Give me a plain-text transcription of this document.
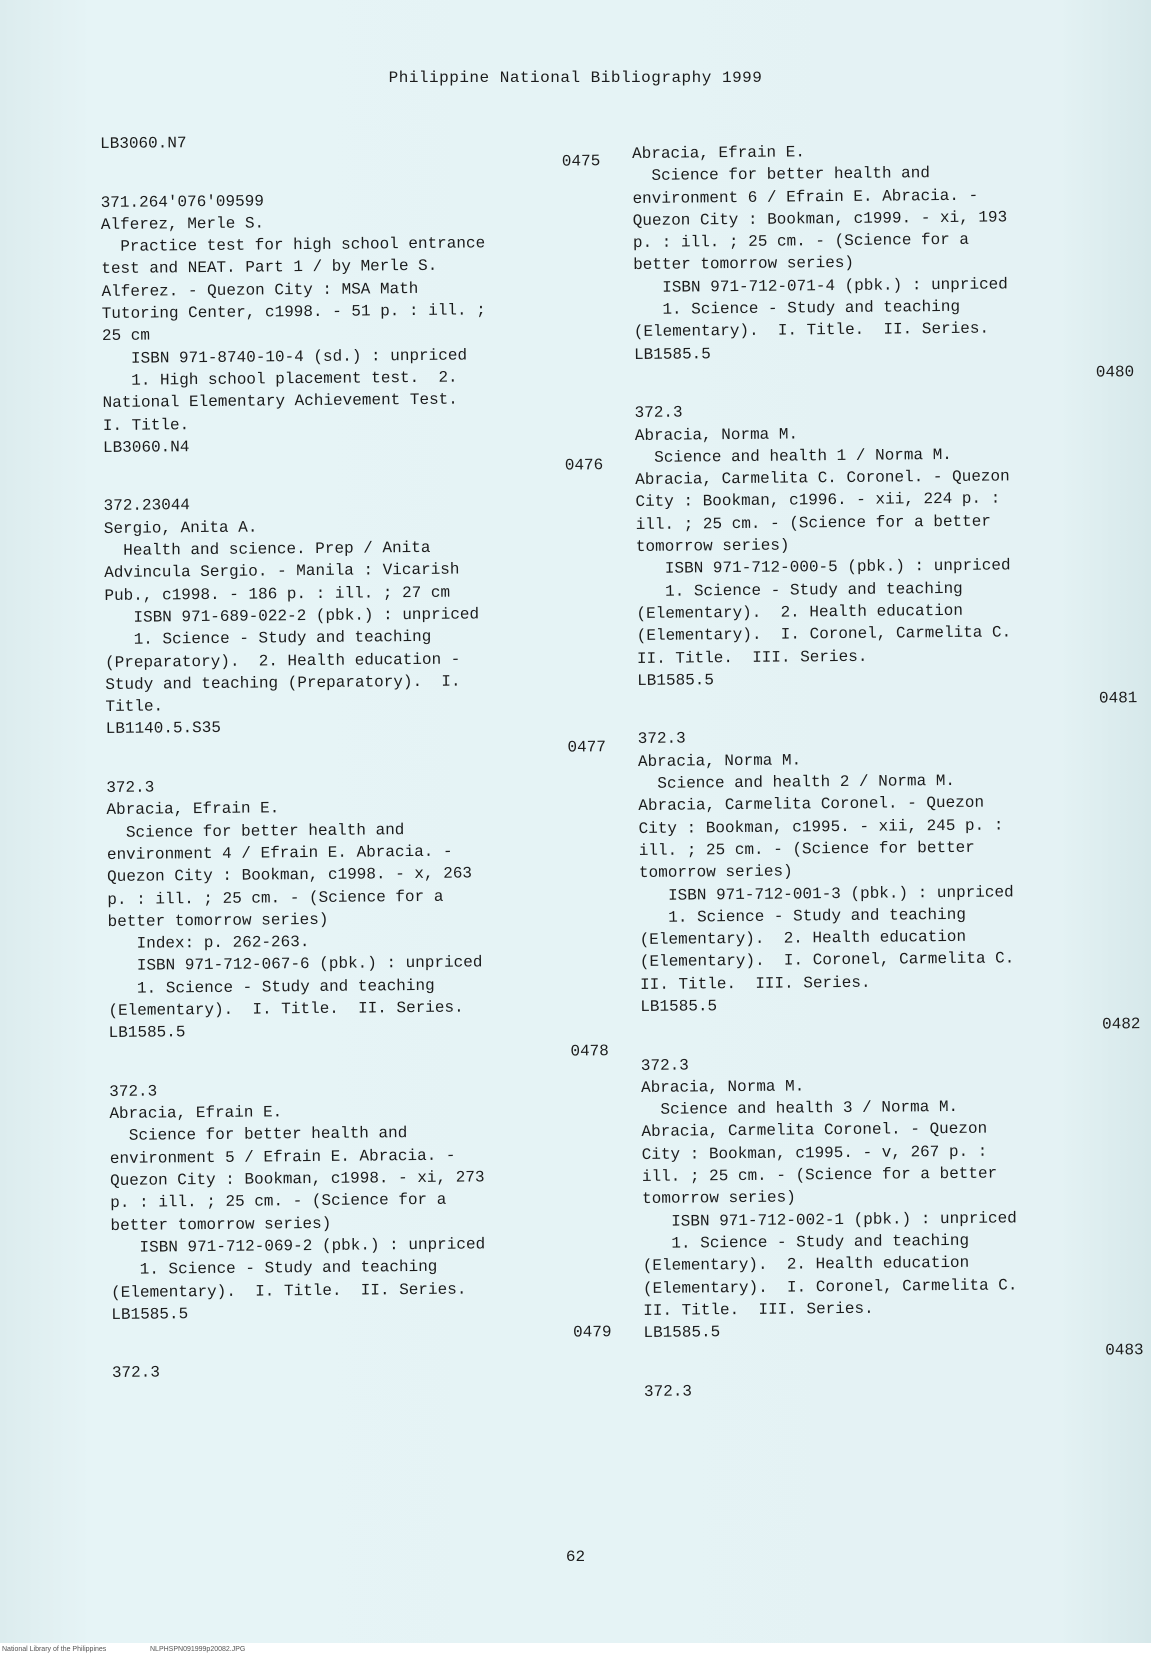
Philippine National Bibliography 1999
LB3060.N7
0475
371.264'076'09599
Alferez, Merle S.
Practice test for high school entrance
test and NEAT. Part 1 / by Merle S.
Alferez. - Quezon City : MSA Math
Tutoring Center, c1998. - 51 p. : ill. ;
25 cm
ISBN 971-8740-10-4 (sd.) : unpriced
1. High school placement test.  2.
National Elementary Achievement Test.
I. Title.
LB3060.N4
0476
372.23044
Sergio, Anita A.
Health and science. Prep / Anita
Advincula Sergio. - Manila : Vicarish
Pub., c1998. - 186 p. : ill. ; 27 cm
ISBN 971-689-022-2 (pbk.) : unpriced
1. Science - Study and teaching
(Preparatory).  2. Health education -
Study and teaching (Preparatory).  I.
Title.
LB1140.5.S35
0477
372.3
Abracia, Efrain E.
Science for better health and
environment 4 / Efrain E. Abracia. -
Quezon City : Bookman, c1998. - x, 263
p. : ill. ; 25 cm. - (Science for a
better tomorrow series)
Index: p. 262-263.
ISBN 971-712-067-6 (pbk.) : unpriced
1. Science - Study and teaching
(Elementary).  I. Title.  II. Series.
LB1585.5
0478
372.3
Abracia, Efrain E.
Science for better health and
environment 5 / Efrain E. Abracia. -
Quezon City : Bookman, c1998. - xi, 273
p. : ill. ; 25 cm. - (Science for a
better tomorrow series)
ISBN 971-712-069-2 (pbk.) : unpriced
1. Science - Study and teaching
(Elementary).  I. Title.  II. Series.
LB1585.5
0479
372.3
Abracia, Efrain E.
Science for better health and
environment 6 / Efrain E. Abracia. -
Quezon City : Bookman, c1999. - xi, 193
p. : ill. ; 25 cm. - (Science for a
better tomorrow series)
ISBN 971-712-071-4 (pbk.) : unpriced
1. Science - Study and teaching
(Elementary).  I. Title.  II. Series.
LB1585.5
0480
372.3
Abracia, Norma M.
Science and health 1 / Norma M.
Abracia, Carmelita C. Coronel. - Quezon
City : Bookman, c1996. - xii, 224 p. :
ill. ; 25 cm. - (Science for a better
tomorrow series)
ISBN 971-712-000-5 (pbk.) : unpriced
1. Science - Study and teaching
(Elementary).  2. Health education
(Elementary).  I. Coronel, Carmelita C.
II. Title.  III. Series.
LB1585.5
0481
372.3
Abracia, Norma M.
Science and health 2 / Norma M.
Abracia, Carmelita Coronel. - Quezon
City : Bookman, c1995. - xii, 245 p. :
ill. ; 25 cm. - (Science for better
tomorrow series)
ISBN 971-712-001-3 (pbk.) : unpriced
1. Science - Study and teaching
(Elementary).  2. Health education
(Elementary).  I. Coronel, Carmelita C.
II. Title.  III. Series.
LB1585.5
0482
372.3
Abracia, Norma M.
Science and health 3 / Norma M.
Abracia, Carmelita Coronel. - Quezon
City : Bookman, c1995. - v, 267 p. :
ill. ; 25 cm. - (Science for a better
tomorrow series)
ISBN 971-712-002-1 (pbk.) : unpriced
1. Science - Study and teaching
(Elementary).  2. Health education
(Elementary).  I. Coronel, Carmelita C.
II. Title.  III. Series.
LB1585.5
0483
372.3
62
National Library of the Philippines	NLPHSPN091999p20082.JPG
